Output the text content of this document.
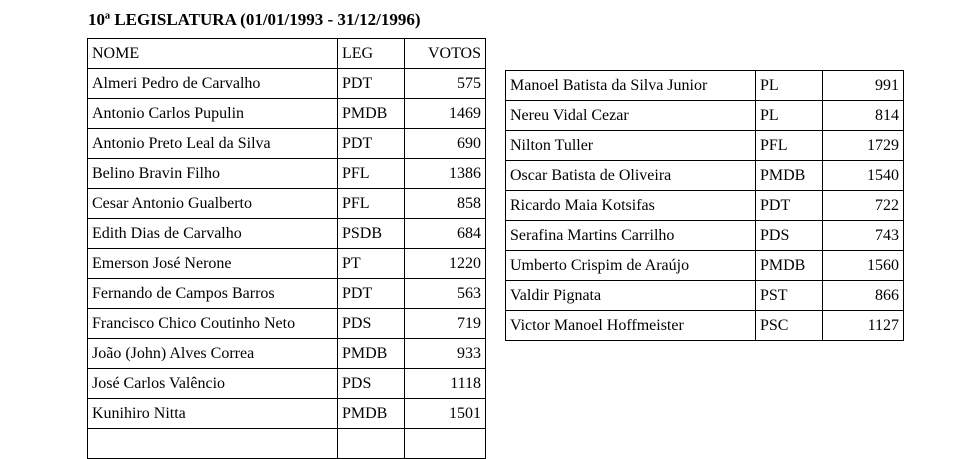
10ª LEGISLATURA (01/01/1993 - 31/12/1996)
NOME	LEG	VOTOS
Almeri Pedro de Carvalho	PDT	575
Antonio Carlos Pupulin	PMDB	1469
Antonio Preto Leal da Silva	PDT	690
Belino Bravin Filho	PFL	1386
Cesar Antonio Gualberto	PFL	858
Edith Dias de Carvalho	PSDB	684
Emerson José Nerone	PT	1220
Fernando de Campos Barros	PDT	563
Francisco Chico Coutinho Neto	PDS	719
João (John) Alves Correa	PMDB	933
José Carlos Valêncio	PDS	1118
Kunihiro Nitta	PMDB	1501

Manoel Batista da Silva Junior	PL	991
Nereu Vidal Cezar	PL	814
Nilton Tuller	PFL	1729
Oscar Batista de Oliveira	PMDB	1540
Ricardo Maia Kotsifas	PDT	722
Serafina Martins Carrilho	PDS	743
Umberto Crispim de Araújo	PMDB	1560
Valdir Pignata	PST	866
Victor Manoel Hoffmeister	PSC	1127
